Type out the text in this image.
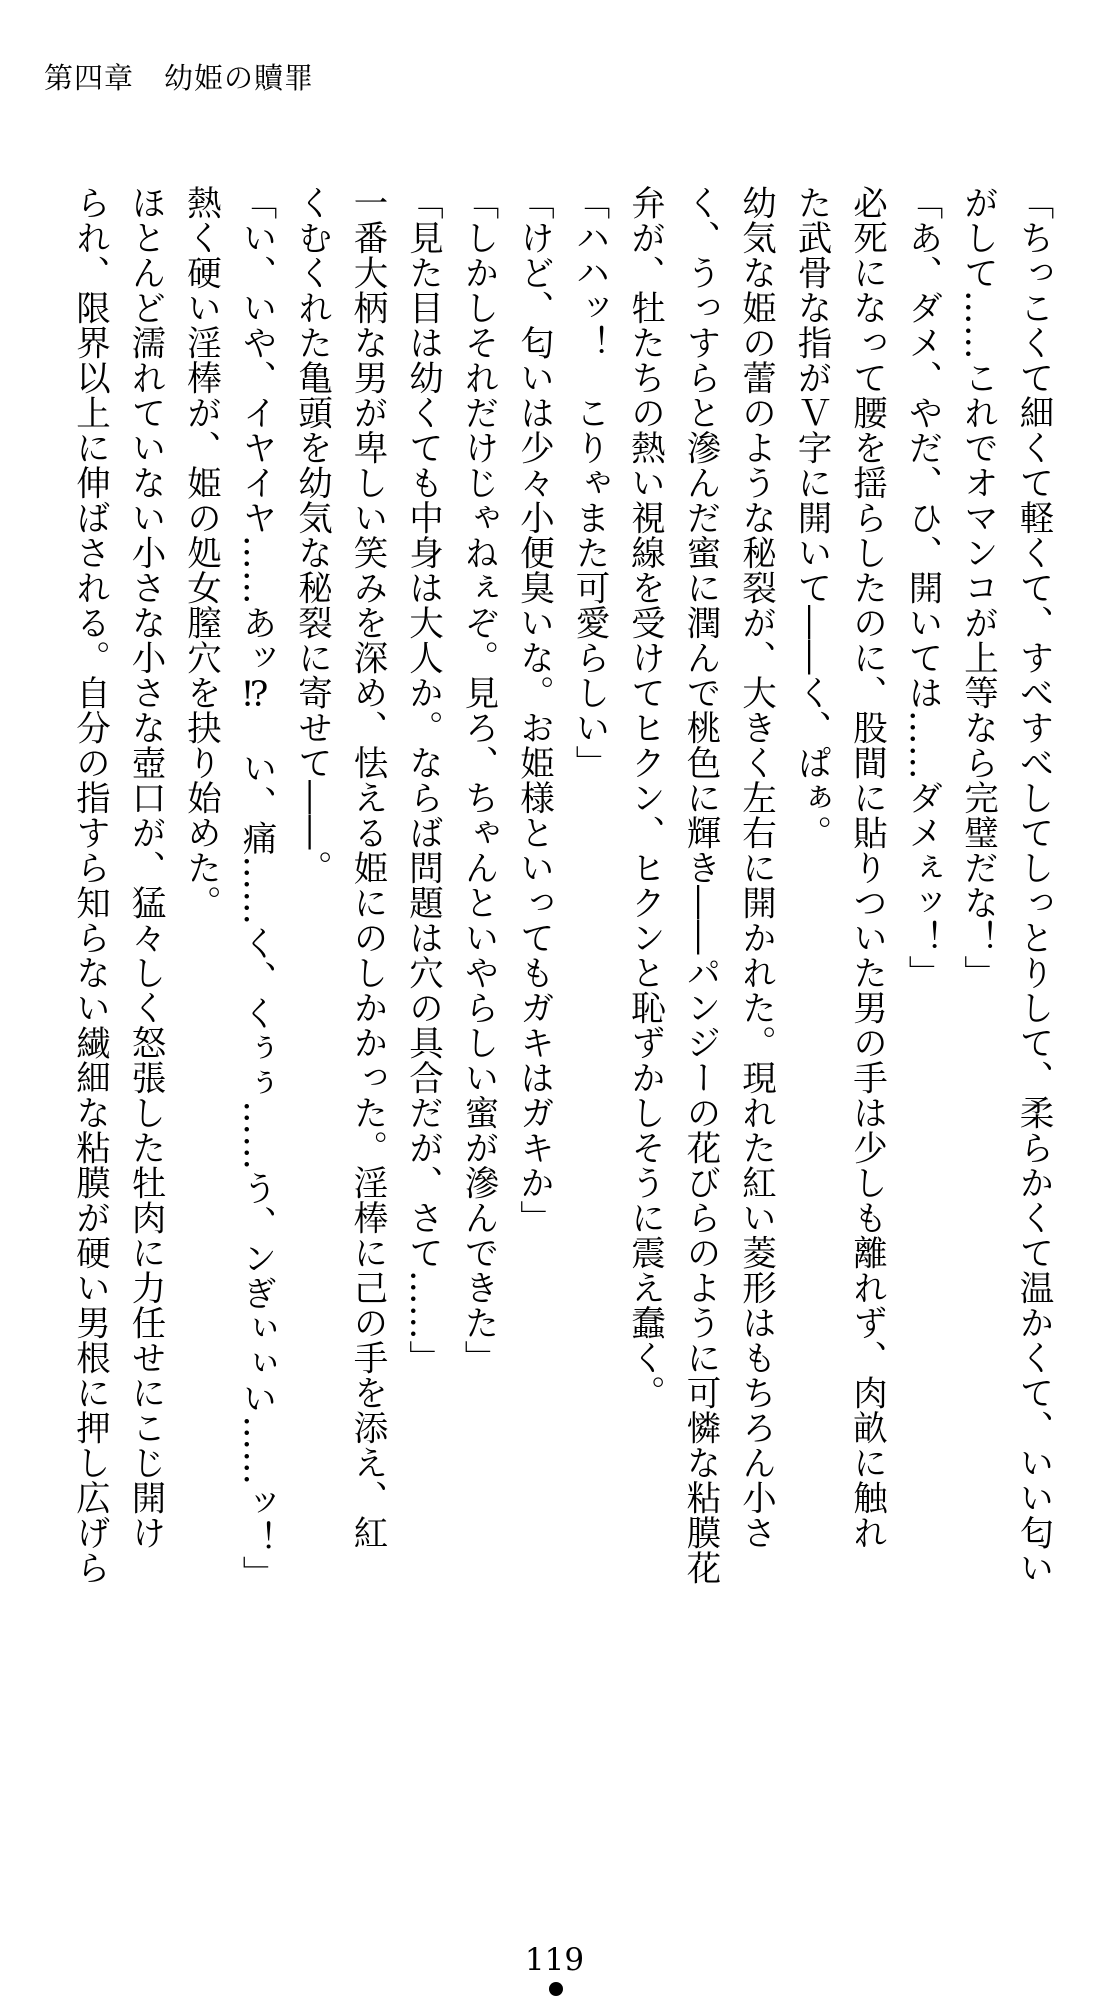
第四章　幼姫の贖罪

「ちっこくて細くて軽くて、すべすべしてしっとりして、柔らかくて温かくて、いい匂い

がして……これでオマンコが上等なら完璧だな！」

「あ、ダメ、やだ、ひ、開いては……ダメぇッ！」

必死になって腰を揺らしたのに、股間に貼りついた男の手は少しも離れず、肉畝に触れ

た武骨な指がＶ字に開いて――く、ぱぁ。

幼気な姫の蕾のような秘裂が、大きく左右に開かれた。現れた紅い菱形はもちろん小さ

く、うっすらと滲んだ蜜に潤んで桃色に輝き――パンジーの花びらのように可憐な粘膜花

弁が、牡たちの熱い視線を受けてヒクン、ヒクンと恥ずかしそうに震え蠢く。

「ハハッ！　こりゃまた可愛らしい」

「けど、匂いは少々小便臭いな。お姫様といってもガキはガキか」

「しかしそれだけじゃねぇぞ。見ろ、ちゃんといやらしい蜜が滲んできた」

「見た目は幼くても中身は大人か。ならば問題は穴の具合だが、さて……」

一番大柄な男が卑しい笑みを深め、怯える姫にのしかかった。淫棒に己の手を添え、紅

くむくれた亀頭を幼気な秘裂に寄せて――。

「い、いや、イヤイヤ……あッ⁉　い、痛……く、くぅぅ……う、ンぎぃぃい……ッ！」

熱く硬い淫棒が、姫の処女膣穴を抉り始めた。

ほとんど濡れていない小さな小さな壺口が、猛々しく怒張した牡肉に力任せにこじ開け

られ、限界以上に伸ばされる。自分の指すら知らない繊細な粘膜が硬い男根に押し広げら

119
